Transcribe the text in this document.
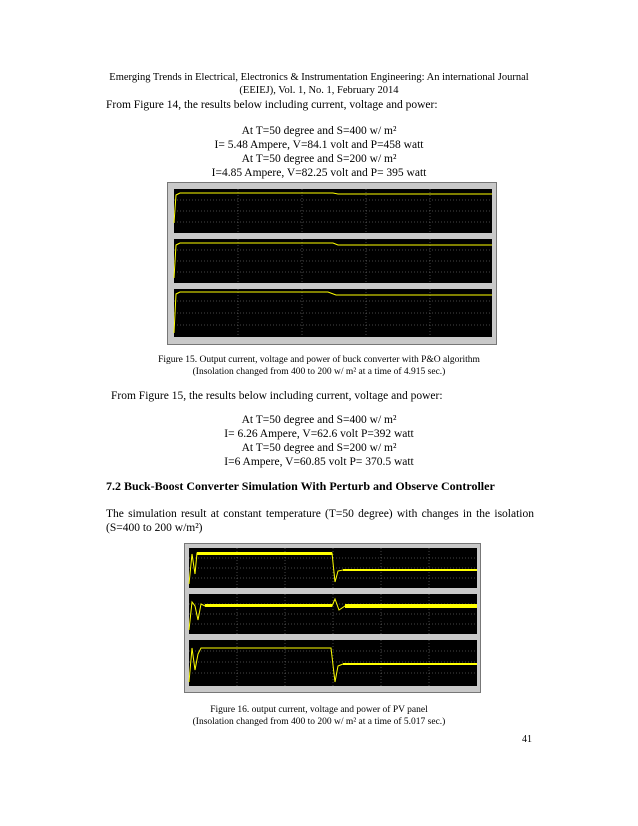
Emerging Trends in Electrical, Electronics & Instrumentation Engineering: An international Journal
(EEIEJ), Vol. 1, No. 1, February 2014
From Figure 14, the results below including current, voltage and power:
At T=50 degree and S=400 w/ m²
I= 5.48 Ampere, V=84.1 volt and P=458 watt
At T=50 degree and S=200 w/ m²
I=4.85 Ampere, V=82.25 volt and P= 395 watt
Figure 15. Output current, voltage and power of buck converter with P&O algorithm
(Insolation changed from 400 to 200 w/ m² at a time of 4.915 sec.)
From Figure 15, the results below including current, voltage and power:
At T=50 degree and S=400 w/ m²
I= 6.26 Ampere, V=62.6 volt P=392 watt
At T=50 degree and S=200 w/ m²
I=6 Ampere, V=60.85 volt P= 370.5 watt
7.2 Buck-Boost Converter Simulation With Perturb and Observe Controller
The simulation result at constant temperature (T=50 degree) with changes in the isolation
(S=400 to 200 w/m²)
Figure 16. output current, voltage and power of PV panel
(Insolation changed from 400 to 200 w/ m² at a time of 5.017 sec.)
41
